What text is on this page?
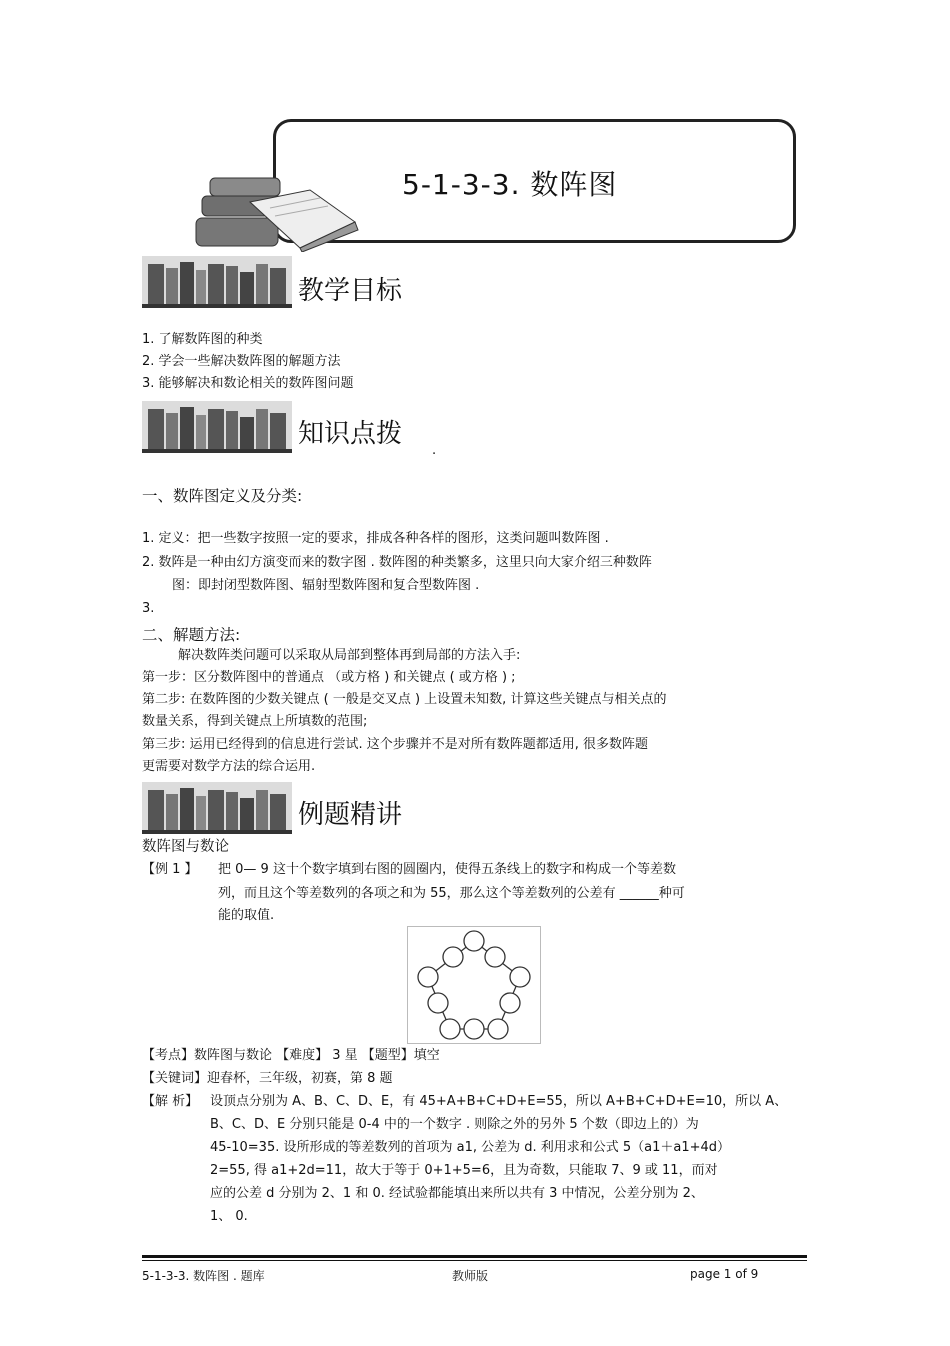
5-1-3-3. 数阵图
教学目标
1. 了解数阵图的种类
2. 学会一些解决数阵图的解题方法
3. 能够解决和数论相关的数阵图问题
知识点拨
.
一、数阵图定义及分类:
1. 定义：把一些数字按照一定的要求，排成各种各样的图形，这类问题叫数阵图 .
2. 数阵是一种由幻方演变而来的数字图 . 数阵图的种类繁多，这里只向大家介绍三种数阵
图：即封闭型数阵图、辐射型数阵图和复合型数阵图 .
3.
二、解题方法:
解决数阵类问题可以采取从局部到整体再到局部的方法入手:
第一步：区分数阵图中的普通点 （或方格 ) 和关键点 ( 或方格 ) ;
第二步: 在数阵图的少数关键点 ( 一般是交叉点 ) 上设置未知数, 计算这些关键点与相关点的
数量关系，得到关键点上所填数的范围;
第三步: 运用已经得到的信息进行尝试. 这个步骤并不是对所有数阵题都适用, 很多数阵题
更需要对数学方法的综合运用.
例题精讲
数阵图与数论
【例 1 】 把 0— 9 这十个数字填到右图的圆圈内，使得五条线上的数字和构成一个等差数
列，而且这个等差数列的各项之和为 55，那么这个等差数列的公差有 ______种可
能的取值.
【考点】数阵图与数论 【难度】 3 星 【题型】填空
【关键词】迎春杯，三年级，初赛，第 8 题
【解 析】 设顶点分别为 A、B、C、D、E，有 45+A+B+C+D+E=55，所以 A+B+C+D+E=10，所以 A、
B、C、D、E 分别只能是 0-4 中的一个数字 . 则除之外的另外 5 个数（即边上的）为
45-10=35. 设所形成的等差数列的首项为 a1, 公差为 d. 利用求和公式 5（a1＋a1+4d）
2=55, 得 a1+2d=11，故大于等于 0+1+5=6，且为奇数，只能取 7、9 或 11，而对
应的公差 d 分别为 2、1 和 0. 经试验都能填出来所以共有 3 中情况，公差分别为 2、
1、 0.
5-1-3-3. 数阵图 . 题库	教师版	page 1 of 9
